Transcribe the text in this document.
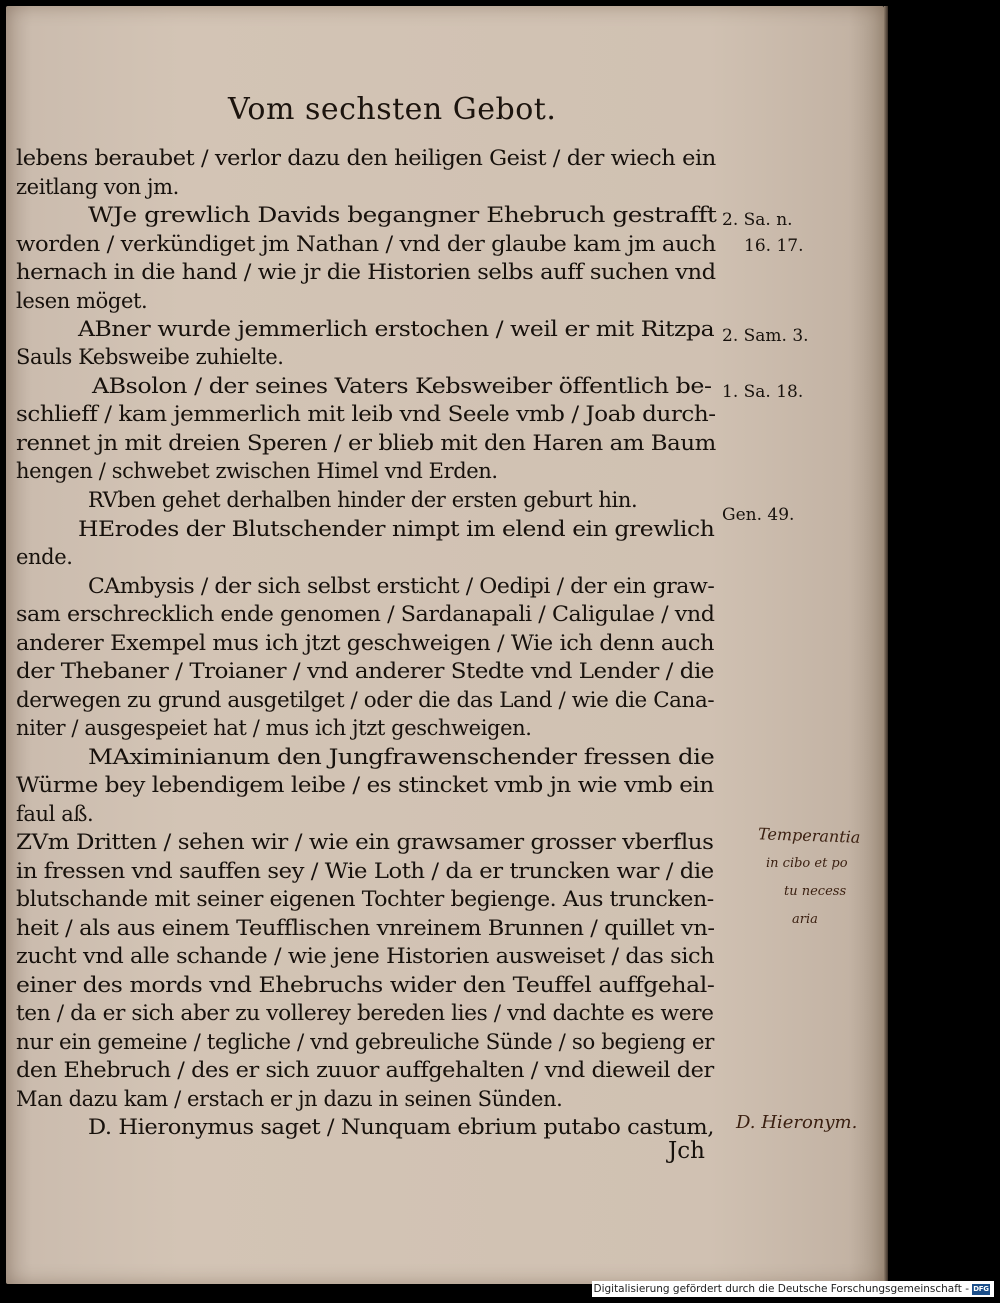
Vom sechsten Gebot.
lebens beraubet / verlor dazu den heiligen Geist / der wiech ein
zeitlang von jm.
WJe grewlich Davids begangner Ehebruch gestrafft
worden / verkündiget jm Nathan / vnd der glaube kam jm auch
hernach in die hand / wie jr die Historien selbs auff suchen vnd
lesen möget.
ABner wurde jemmerlich erstochen / weil er mit Ritzpa
Sauls Kebsweibe zuhielte.
ABsolon / der seines Vaters Kebsweiber öffentlich be-
schlieff / kam jemmerlich mit leib vnd Seele vmb / Joab durch-
rennet jn mit dreien Speren / er blieb mit den Haren am Baum
hengen / schwebet zwischen Himel vnd Erden.
RVben gehet derhalben hinder der ersten geburt hin.
HErodes der Blutschender nimpt im elend ein grewlich
ende.
CAmbysis / der sich selbst ersticht / Oedipi / der ein graw-
sam erschrecklich ende genomen / Sardanapali / Caligulae / vnd
anderer Exempel mus ich jtzt geschweigen / Wie ich denn auch
der Thebaner / Troianer / vnd anderer Stedte vnd Lender / die
derwegen zu grund ausgetilget / oder die das Land / wie die Cana-
niter / ausgespeiet hat / mus ich jtzt geschweigen.
MAximinianum den Jungfrawenschender fressen die
Würme bey lebendigem leibe / es stincket vmb jn wie vmb ein
faul aß.
ZVm Dritten / sehen wir / wie ein grawsamer grosser vberflus
in fressen vnd sauffen sey / Wie Loth / da er truncken war / die
blutschande mit seiner eigenen Tochter begienge. Aus truncken-
heit / als aus einem Teufflischen vnreinem Brunnen / quillet vn-
zucht vnd alle schande / wie jene Historien ausweiset / das sich
einer des mords vnd Ehebruchs wider den Teuffel auffgehal-
ten / da er sich aber zu vollerey bereden lies / vnd dachte es were
nur ein gemeine / tegliche / vnd gebreuliche Sünde / so begieng er
den Ehebruch / des er sich zuuor auffgehalten / vnd dieweil der
Man dazu kam / erstach er jn dazu in seinen Sünden.
D. Hieronymus saget / Nunquam ebrium putabo castum,
Jch
2. Sa. n.
16. 17.
2. Sam. 3.
1. Sa. 18.
Gen. 49.
Temperantia
in cibo et po
tu necess
aria
D. Hieronym.
Digitalisierung gefördert durch die Deutsche Forschungsgemeinschaft - DFG
